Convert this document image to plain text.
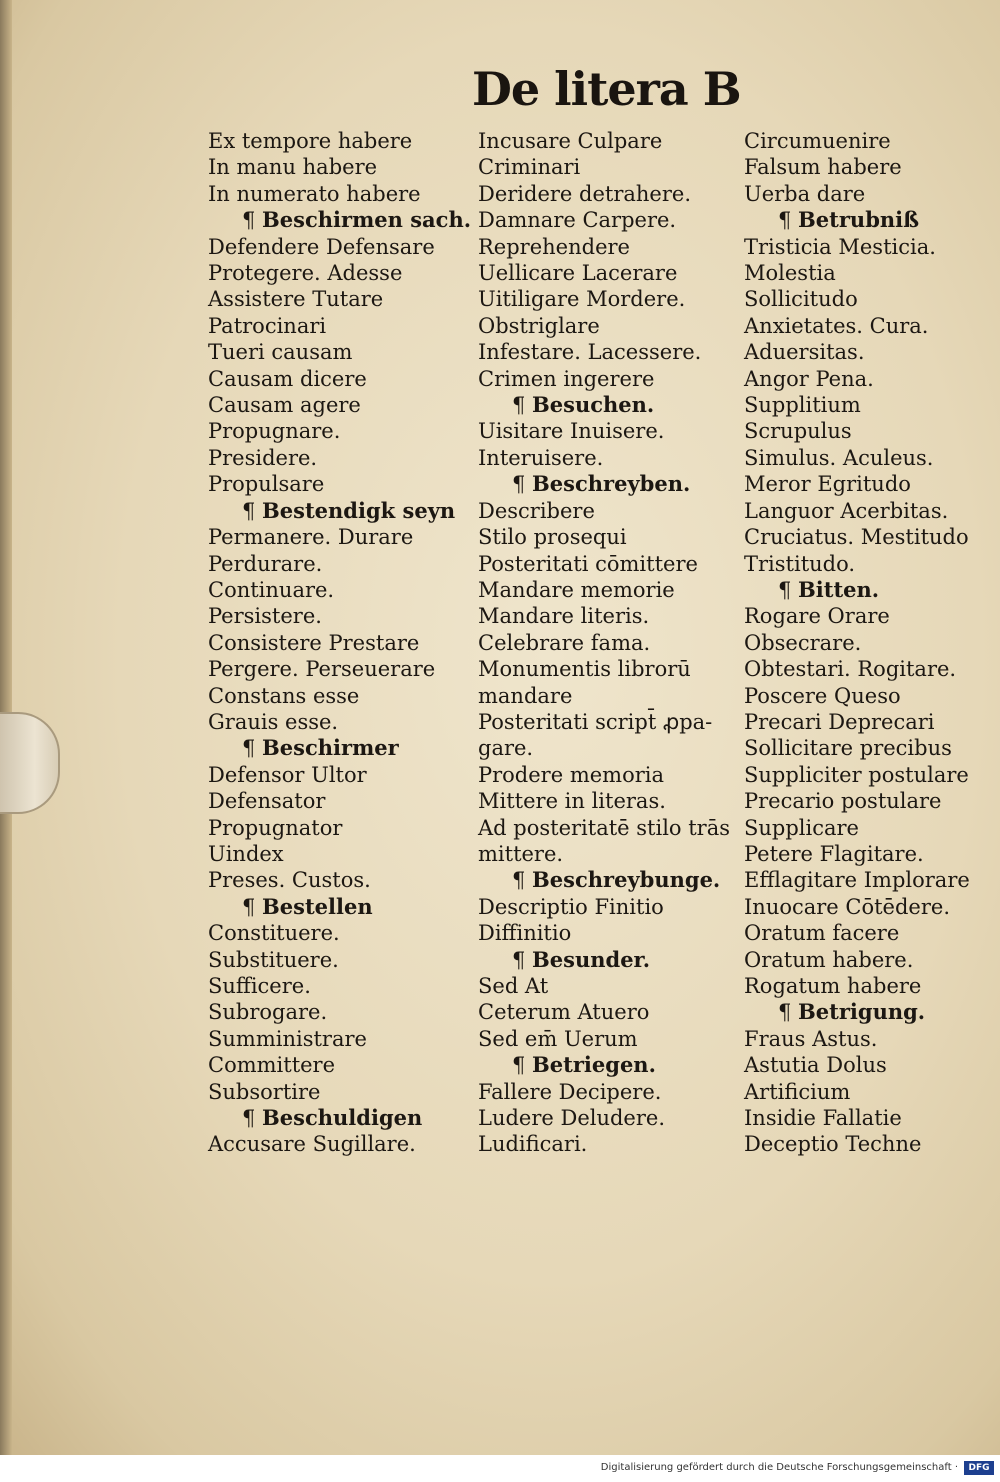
De litera B
Ex tempore habere
In manu habere
In numerato habere
¶ Beschirmen sach.
Defendere Defensare
Protegere. Adesse
Assistere Tutare
Patrocinari
Tueri causam
Causam dicere
Causam agere
Propugnare.
Presidere.
Propulsare
¶ Bestendigk seyn
Permanere. Durare
Perdurare.
Continuare.
Persistere.
Consistere Prestare
Pergere. Perseuerare
Constans esse
Grauis esse.
¶ Beschirmer
Defensor Ultor
Defensator
Propugnator
Uindex
Preses. Custos.
¶ Bestellen
Constituere.
Substituere.
Sufficere.
Subrogare.
Sumministrare
Committere
Subsortire
¶ Beschuldigen
Accusare Sugillare.
Incusare Culpare
Criminari
Deridere detrahere.
Damnare Carpere.
Reprehendere
Uellicare Lacerare
Uitiligare Mordere.
Obstriglare
Infestare. Lacessere.
Crimen ingerere
¶ Besuchen.
Uisitare Inuisere.
Interuisere.
¶ Beschreyben.
Describere
Stilo prosequi
Posteritati cōmittere
Mandare memorie
Mandare literis.
Celebrare fama.
Monumentis librorū
mandare
Posteritati script̄ ꝓpa-
gare.
Prodere memoria
Mittere in literas.
Ad posteritatē stilo trās
mittere.
¶ Beschreybunge.
Descriptio Finitio
Diffinitio
¶ Besunder.
Sed At
Ceterum Atuero
Sed em̄ Uerum
¶ Betriegen.
Fallere Decipere.
Ludere Deludere.
Ludificari.
Circumuenire
Falsum habere
Uerba dare
¶ Betrubniß
Tristicia Mesticia.
Molestia
Sollicitudo
Anxietates. Cura.
Aduersitas.
Angor Pena.
Supplitium
Scrupulus
Simulus. Aculeus.
Meror Egritudo
Languor Acerbitas.
Cruciatus. Mestitudo
Tristitudo.
¶ Bitten.
Rogare Orare
Obsecrare.
Obtestari. Rogitare.
Poscere Queso
Precari Deprecari
Sollicitare precibus
Suppliciter postulare
Precario postulare
Supplicare
Petere Flagitare.
Efflagitare Implorare
Inuocare Cōtēdere.
Oratum facere
Oratum habere.
Rogatum habere
¶ Betrigung.
Fraus Astus.
Astutia Dolus
Artificium
Insidie Fallatie
Deceptio Techne
Digitalisierung gefördert durch die Deutsche Forschungsgemeinschaft ·	DFG
